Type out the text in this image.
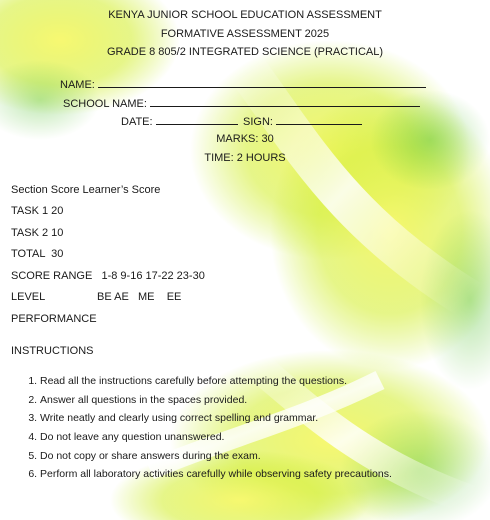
KENYA JUNIOR SCHOOL EDUCATION ASSESSMENT
FORMATIVE ASSESSMENT 2025
GRADE 8 805/2 INTEGRATED SCIENCE (PRACTICAL)
NAME:
SCHOOL NAME:
DATE:	SIGN:
MARKS: 30
TIME: 2 HOURS
Section Score Learner’s Score
TASK 1 20
TASK 2 10
TOTAL  30
SCORE RANGE   1-8 9-16 17-22 23-30
LEVEL	BE AE   ME    EE
PERFORMANCE
INSTRUCTIONS
1. Read all the instructions carefully before attempting the questions.
2. Answer all questions in the spaces provided.
3. Write neatly and clearly using correct spelling and grammar.
4. Do not leave any question unanswered.
5. Do not copy or share answers during the exam.
6. Perform all laboratory activities carefully while observing safety precautions.
